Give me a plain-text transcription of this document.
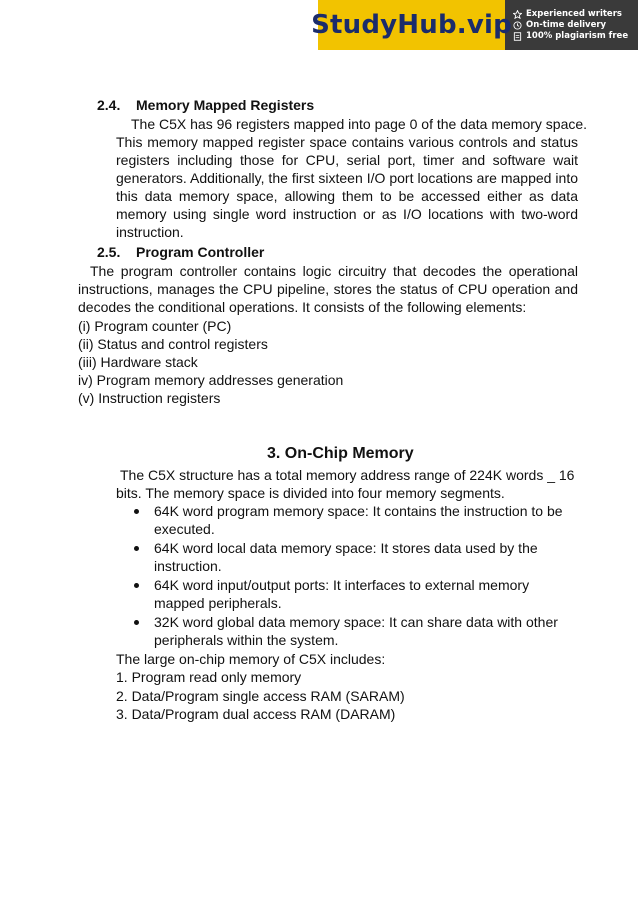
StudyHub.vip Experienced writers
On-time delivery
100% plagiarism free
2.4. Memory Mapped Registers
The C5X has 96 registers mapped into page 0 of the data memory space.
This memory mapped register space contains various controls and status
registers including those for CPU, serial port, timer and software wait
generators. Additionally, the first sixteen I/O port locations are mapped into
this data memory space, allowing them to be accessed either as data
memory using single word instruction or as I/O locations with two-word
instruction.
2.5. Program Controller
The program controller contains logic circuitry that decodes the operational
instructions, manages the CPU pipeline, stores the status of CPU operation and
decodes the conditional operations. It consists of the following elements:
(i) Program counter (PC)
(ii) Status and control registers
(iii) Hardware stack
iv) Program memory addresses generation
(v) Instruction registers
3. On-Chip Memory
The C5X structure has a total memory address range of 224K words _ 16
bits. The memory space is divided into four memory segments.
64K word program memory space: It contains the instruction to be
executed.
64K word local data memory space: It stores data used by the
instruction.
64K word input/output ports: It interfaces to external memory
mapped peripherals.
32K word global data memory space: It can share data with other
peripherals within the system.
The large on-chip memory of C5X includes:
1. Program read only memory
2. Data/Program single access RAM (SARAM)
3. Data/Program dual access RAM (DARAM)
